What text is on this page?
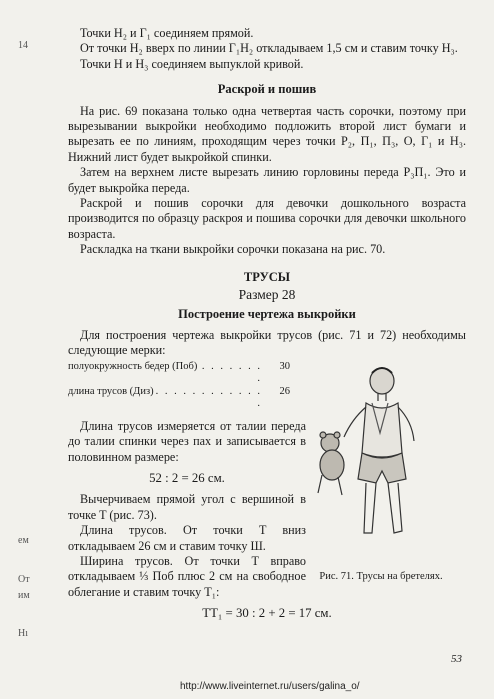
14
ем
От
им
Hı

Точки H₂ и Г₁ соединяем прямой.

От точки H₂ вверх по линии Г₁H₂ откладываем 1,5 см и ставим точку H₃.

Точки H и H₃ соединяем выпуклой кривой.

Раскрой и пошив

На рис. 69 показана только одна четвертая часть сорочки, поэтому при вырезывании выкройки необходимо подложить второй лист бумаги и вырезать ее по линиям, проходящим через точки P₂, П₁, П₃, O, Г₁ и H₃. Нижний лист будет выкройкой спинки.

Затем на верхнем листе вырезать линию горловины переда P₃П₁. Это и будет выкройка переда.

Раскрой и пошив сорочки для девочки дошкольного возраста производится по образцу раскроя и пошива сорочки для девочки школьного возраста.

Раскладка на ткани выкройки сорочки показана на рис. 70.

ТРУСЫ
Размер 28
Построение чертежа выкройки

Для построения чертежа выкройки трусов (рис. 71 и 72) необходимы следующие мерки:

полуокружность бедер (Поб) . . . . . . . .
30
длина трусов (Диз) . . . . . . . . . . . . .
26

Длина трусов измеряется от талии переда до талии спинки через пах и записывается в половинном размере:

52 : 2 = 26 см.

Вычерчиваем прямой угол с вершиной в точке T (рис. 73).

Длина трусов. От точки T вниз откладываем 26 см и ставим точку Ш.

Ширина трусов. От точки T вправо откладываем ⅓ Поб плюс 2 см на свободное облегание и ставим точку T₁:

TT₁ = 30 : 2 + 2 = 17 см.
Рис. 71. Трусы на бретелях.
53
http://www.liveinternet.ru/users/galina_o/
